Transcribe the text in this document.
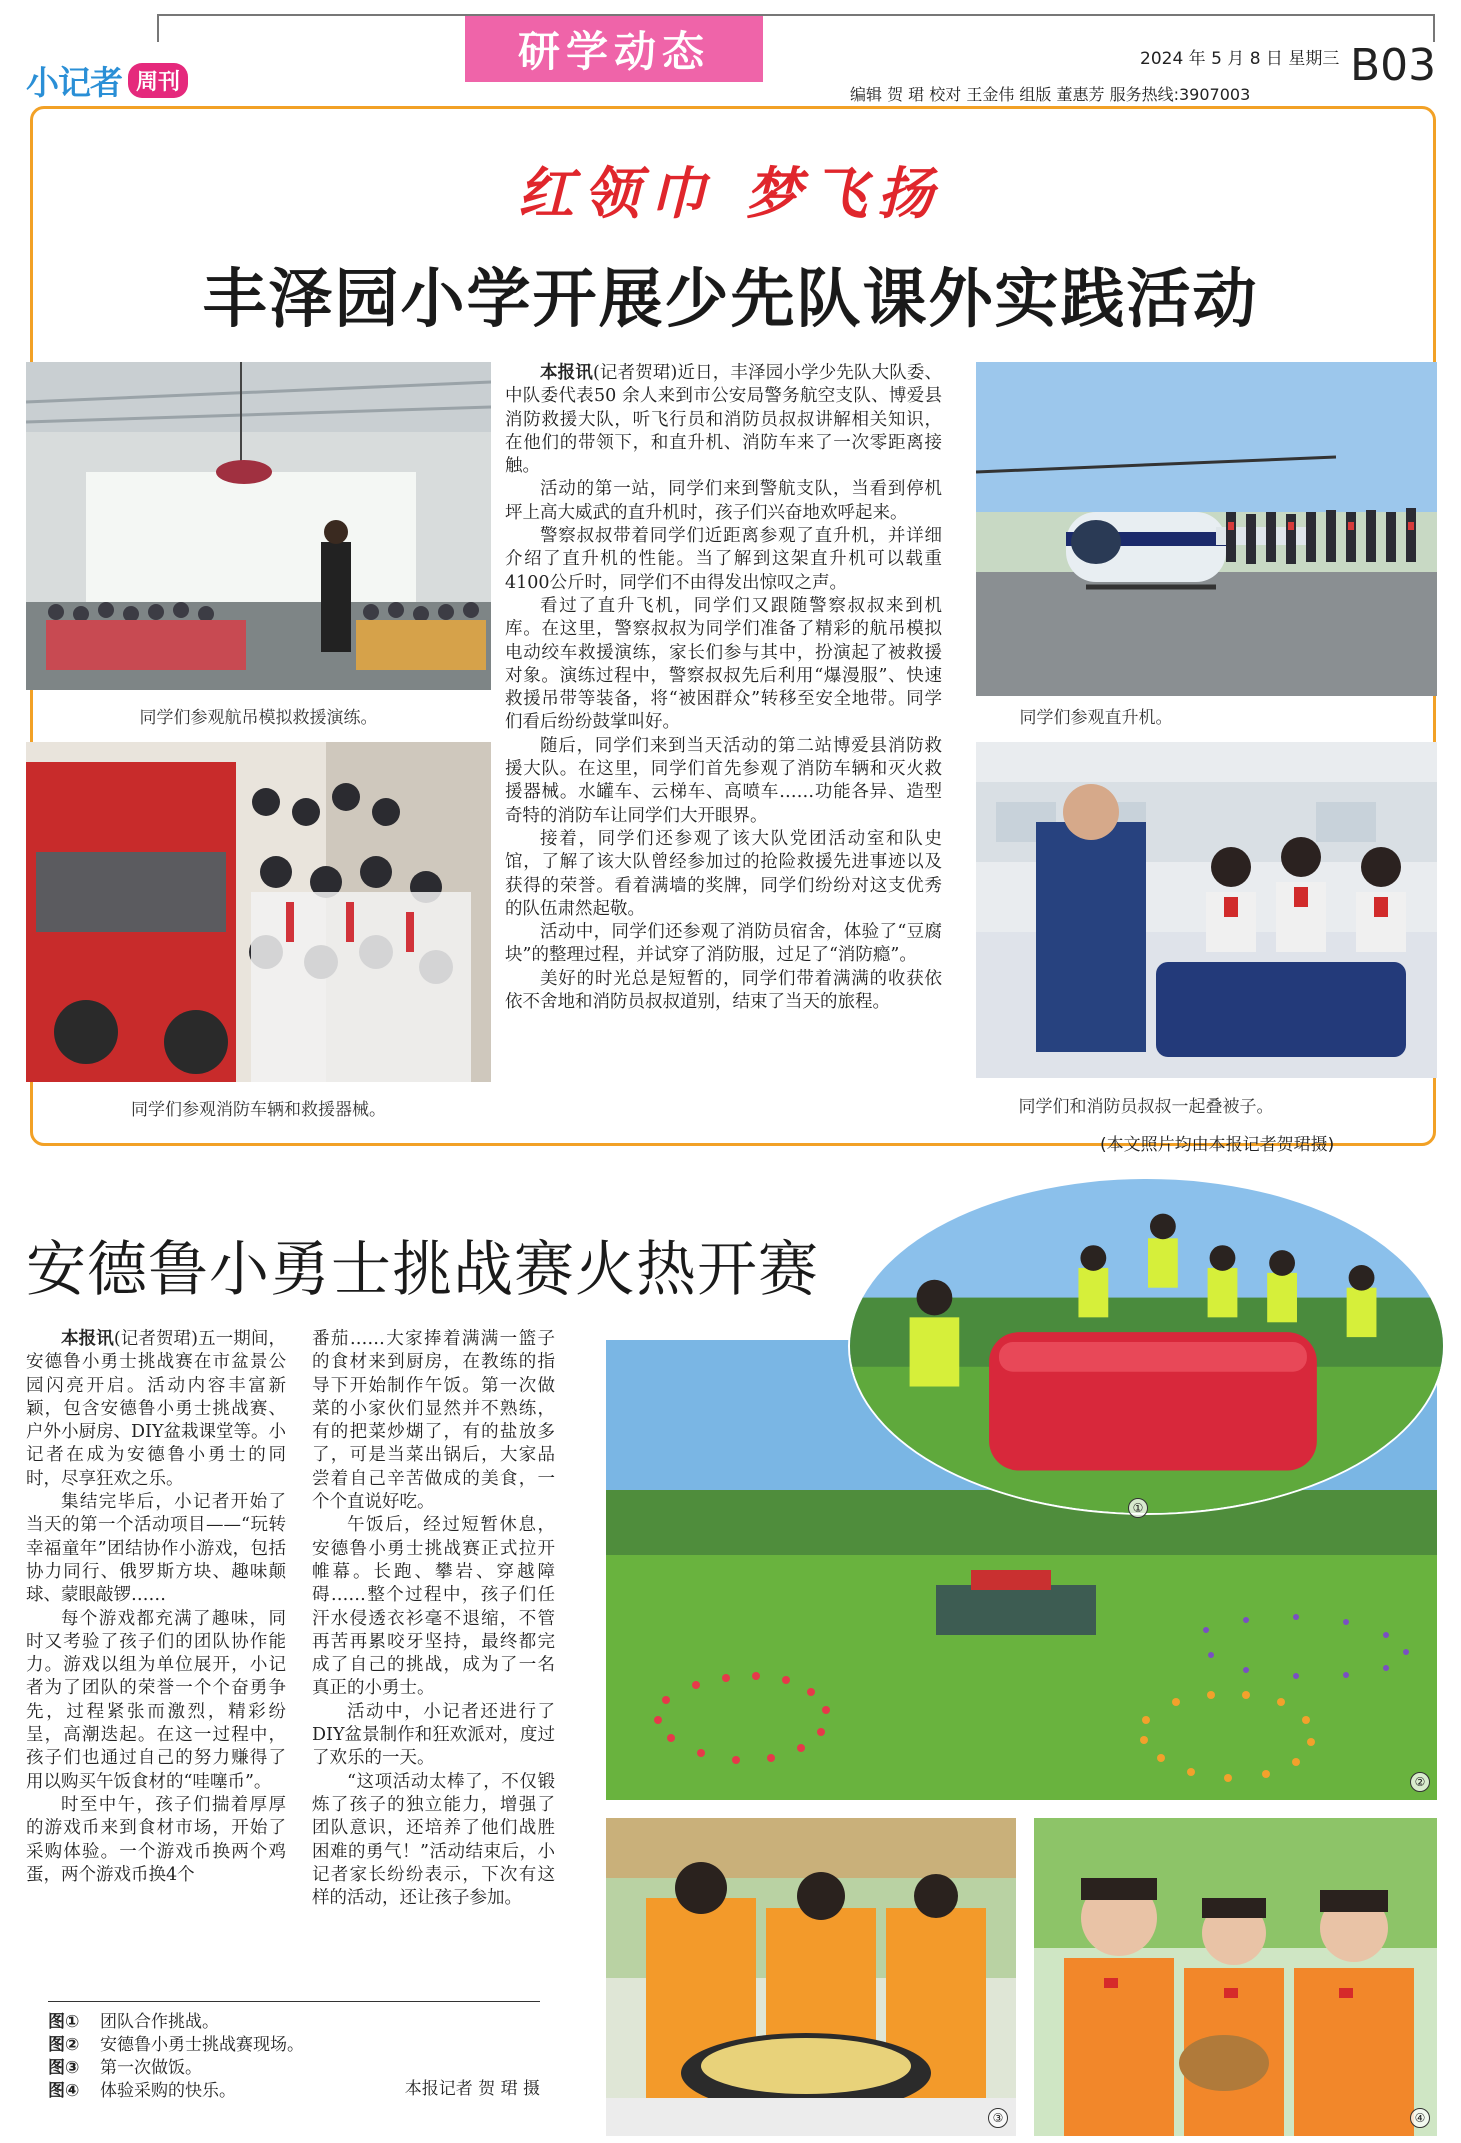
小记者 周刊
研学动态	2024 年 5 月 8 日 星期三 B03
编辑 贺 珺 校对 王金伟 组版 董惠芳 服务热线:3907003
红领巾 梦飞扬
丰泽园小学开展少先队课外实践活动
同学们参观航吊模拟救援演练。
同学们参观消防车辆和救援器械。

本报讯(记者贺珺)近日，丰泽园小学少先队大队委、中队委代表50 余人来到市公安局警务航空支队、博爱县消防救援大队，听飞行员和消防员叔叔讲解相关知识，在他们的带领下，和直升机、消防车来了一次零距离接触。

活动的第一站，同学们来到警航支队，当看到停机坪上高大威武的直升机时，孩子们兴奋地欢呼起来。

警察叔叔带着同学们近距离参观了直升机，并详细介绍了直升机的性能。当了解到这架直升机可以载重4100公斤时，同学们不由得发出惊叹之声。

看过了直升飞机，同学们又跟随警察叔叔来到机库。在这里，警察叔叔为同学们准备了精彩的航吊模拟电动绞车救援演练，家长们参与其中，扮演起了被救援对象。演练过程中，警察叔叔先后利用“爆漫服”、快速救援吊带等装备，将“被困群众”转移至安全地带。同学们看后纷纷鼓掌叫好。

随后，同学们来到当天活动的第二站博爱县消防救援大队。在这里，同学们首先参观了消防车辆和灭火救援器械。水罐车、云梯车、高喷车……功能各异、造型奇特的消防车让同学们大开眼界。

接着，同学们还参观了该大队党团活动室和队史馆，了解了该大队曾经参加过的抢险救援先进事迹以及获得的荣誉。看着满墙的奖牌，同学们纷纷对这支优秀的队伍肃然起敬。

活动中，同学们还参观了消防员宿舍，体验了“豆腐块”的整理过程，并试穿了消防服，过足了“消防瘾”。

美好的时光总是短暂的，同学们带着满满的收获依依不舍地和消防员叔叔道别，结束了当天的旅程。

同学们参观直升机。
同学们和消防员叔叔一起叠被子。
(本文照片均由本报记者贺珺摄)
安德鲁小勇士挑战赛火热开赛

本报讯(记者贺珺)五一期间，安德鲁小勇士挑战赛在市盆景公园闪亮开启。活动内容丰富新颖，包含安德鲁小勇士挑战赛、户外小厨房、DIY盆栽课堂等。小记者在成为安德鲁小勇士的同时，尽享狂欢之乐。

集结完毕后，小记者开始了当天的第一个活动项目——“玩转幸福童年”团结协作小游戏，包括协力同行、俄罗斯方块、趣味颠球、蒙眼敲锣……

每个游戏都充满了趣味，同时又考验了孩子们的团队协作能力。游戏以组为单位展开，小记者为了团队的荣誉一个个奋勇争先，过程紧张而激烈，精彩纷呈，高潮迭起。在这一过程中，孩子们也通过自己的努力赚得了用以购买午饭食材的“哇噻币”。

时至中午，孩子们揣着厚厚的游戏币来到食材市场，开始了采购体验。一个游戏币换两个鸡蛋，两个游戏币换4个

番茄……大家捧着满满一篮子的食材来到厨房，在教练的指导下开始制作午饭。第一次做菜的小家伙们显然并不熟练，有的把菜炒煳了，有的盐放多了，可是当菜出锅后，大家品尝着自己辛苦做成的美食，一个个直说好吃。

午饭后，经过短暂休息，安德鲁小勇士挑战赛正式拉开帷幕。长跑、攀岩、穿越障碍……整个过程中，孩子们任汗水侵透衣衫毫不退缩，不管再苦再累咬牙坚持，最终都完成了自己的挑战，成为了一名真正的小勇士。

活动中，小记者还进行了DIY盆景制作和狂欢派对，度过了欢乐的一天。

“这项活动太棒了，不仅锻炼了孩子的独立能力，增强了团队意识，还培养了他们战胜困难的勇气！”活动结束后，小记者家长纷纷表示，下次有这样的活动，还让孩子参加。

②
①
③	④
图① 团队合作挑战。
图② 安德鲁小勇士挑战赛现场。
图③ 第一次做饭。
图④ 体验采购的快乐。	本报记者 贺 珺 摄
